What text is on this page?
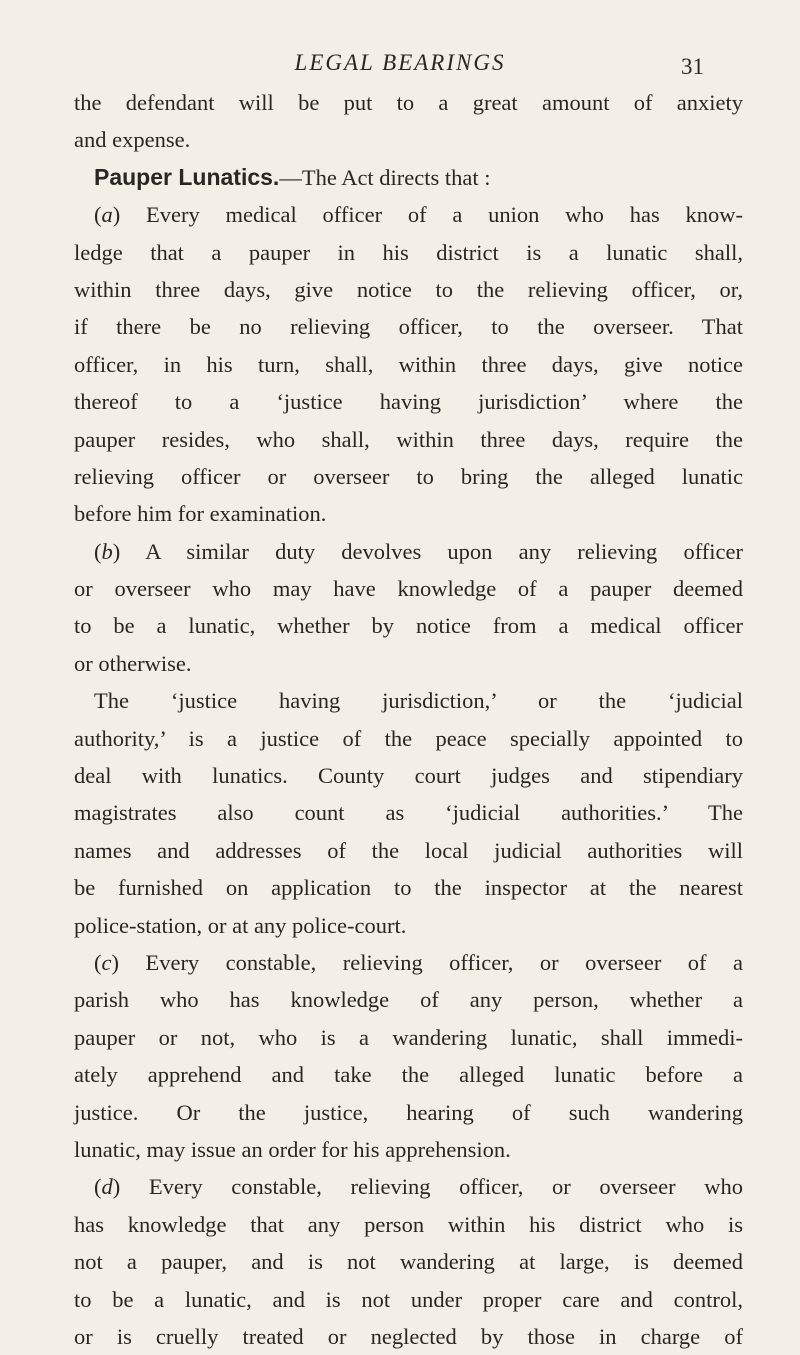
LEGAL BEARINGS	31
the defendant will be put to a great amount of anxiety
and expense.
Pauper Lunatics.—The Act directs that :
(a) Every medical officer of a union who has know-
ledge that a pauper in his district is a lunatic shall,
within three days, give notice to the relieving officer, or,
if there be no relieving officer, to the overseer. That
officer, in his turn, shall, within three days, give notice
thereof to a ‘justice having jurisdiction’ where the
pauper resides, who shall, within three days, require the
relieving officer or overseer to bring the alleged lunatic
before him for examination.
(b) A similar duty devolves upon any relieving officer
or overseer who may have knowledge of a pauper deemed
to be a lunatic, whether by notice from a medical officer
or otherwise.
The ‘justice having jurisdiction,’ or the ‘judicial
authority,’ is a justice of the peace specially appointed to
deal with lunatics. County court judges and stipendiary
magistrates also count as ‘judicial authorities.’ The
names and addresses of the local judicial authorities will
be furnished on application to the inspector at the nearest
police-station, or at any police-court.
(c) Every constable, relieving officer, or overseer of a
parish who has knowledge of any person, whether a
pauper or not, who is a wandering lunatic, shall immedi-
ately apprehend and take the alleged lunatic before a
justice. Or the justice, hearing of such wandering
lunatic, may issue an order for his apprehension.
(d) Every constable, relieving officer, or overseer who
has knowledge that any person within his district who is
not a pauper, and is not wandering at large, is deemed
to be a lunatic, and is not under proper care and control,
or is cruelly treated or neglected by those in charge of
